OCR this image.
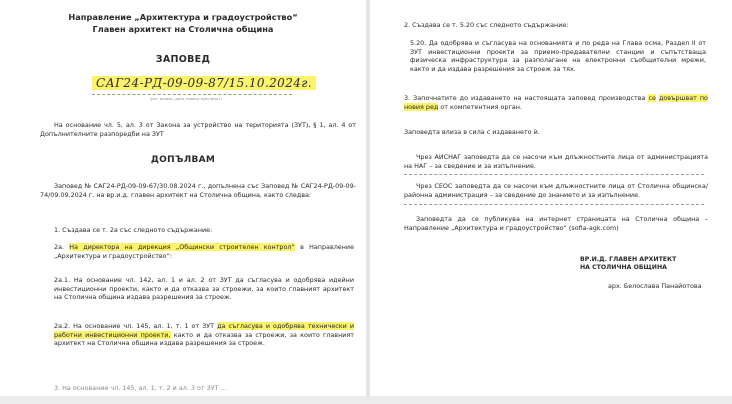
Направление „Архитектура и градоустройство“
Главен архитект на Столична община
ЗАПОВЕД
САГ24-РД-09-09-87/15.10.2024г.
(рег. индекс, дата, подпис и/ли печат)
На основание чл. 5, ал. 3 от Закона за устройство на територията (ЗУТ), § 1, ал. 4 от Допълнителните разпоредби на ЗУТ
ДОПЪЛВАМ
Заповед № САГ24-РД-09-09-67/30.08.2024 г., допълнена със Заповед № САГ24-РД-09-09-74/09.09.2024 г. на вр.и.д. главен архитект на Столична община, както следва:
1. Създава се т. 2а със следното съдържание:
2а. На директора на дирекция „Общински строителен контрол“ в Направление „Архитектура и градоустройство“:
2а.1. На основание чл. 142, ал. 1 и ал. 2 от ЗУТ да съгласува и одобрява идейни инвестиционни проекти, както и да отказва за строежи, за които главният архитект на Столична община издава разрешения за строеж.
2а.2. На основание чл. 145, ал. 1, т. 1 от ЗУТ да съгласува и одобрява технически и работни инвестиционни проекти, както и да отказва за строежи, за които главният архитект на Столична община издава разрешения за строеж.
3. На основание чл. 145, ал. 1, т. 2 и ал. 3 от ЗУТ ...
2. Създава се т. 5.20 със следното съдържание:
5.20. Да одобрява и съгласува на основанията и по реда на Глава осма, Раздел II от ЗУТ инвестиционни проекти за приемо-предавателни станции и съпътстваща физическа инфраструктура за разполагане на електронни съобщителни мрежи, както и да издава разрешения за строеж за тях.
3. Започнатите до издаването на настоящата заповед производства се довършват по новия ред от компетентния орган.
Заповедта влиза в сила с издаването ѝ.
Чрез АИСНАГ заповедта да се насочи към длъжностните лица от администрацията на НАГ – за сведение и за изпълнение.
Чрез СЕОС заповедта да се насочи към длъжностните лица от Столична общинска/районна администрация – за сведение до знанието и за изпълнение.
Заповедта да се публикува на интернет страницата на Столична община – Направление „Архитектура и градоустройство“ (sofia-agk.com)
ВР.И.Д. ГЛАВЕН АРХИТЕКТ
НА СТОЛИЧНА ОБЩИНА
арх. Белослава Панайотова
